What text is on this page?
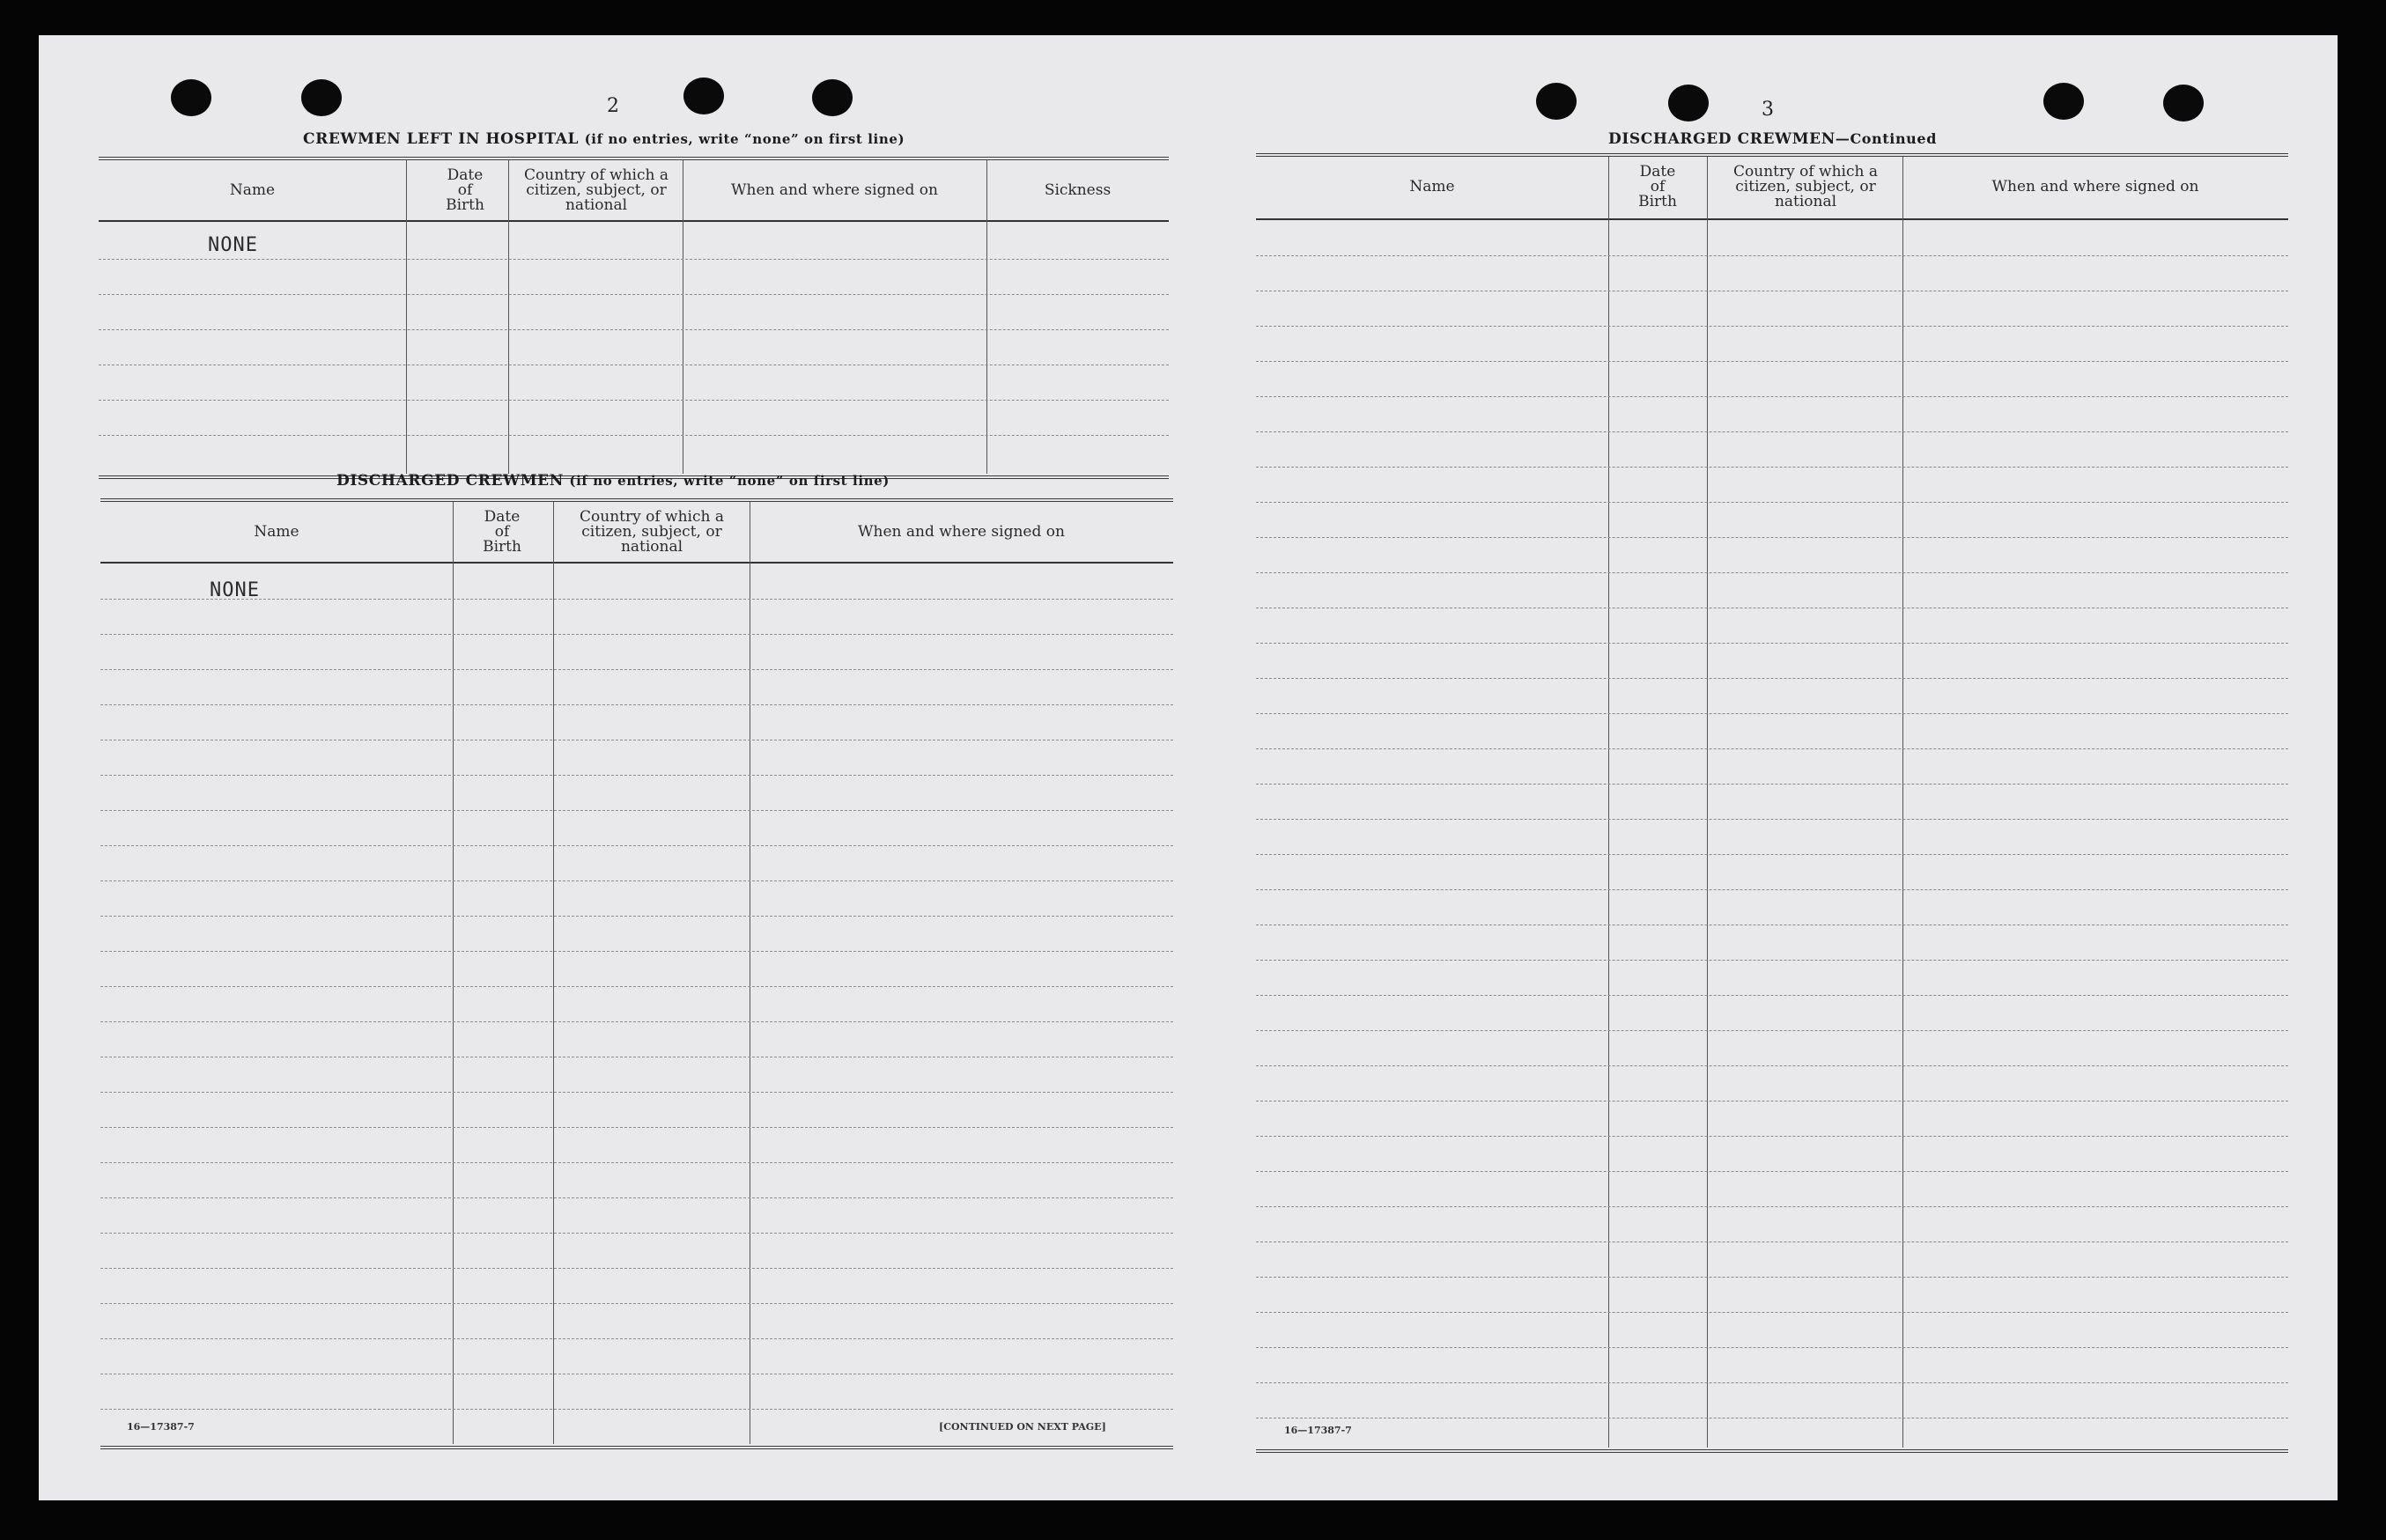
2
CREWMEN LEFT IN HOSPITAL (if no entries, write “none” on first line)
Name
Date of Birth
Country of which a citizen, subject, or national
When and where signed on	Sickness
NONE
DISCHARGED CREWMEN (if no entries, write “none” on first line)
Name
Date of Birth
Country of which a citizen, subject, or national
When and where signed on
NONE
16—17387-7	[CONTINUED ON NEXT PAGE]
3
DISCHARGED CREWMEN—Continued
Name
Date of Birth
Country of which a citizen, subject, or national
When and where signed on
16—17387-7
